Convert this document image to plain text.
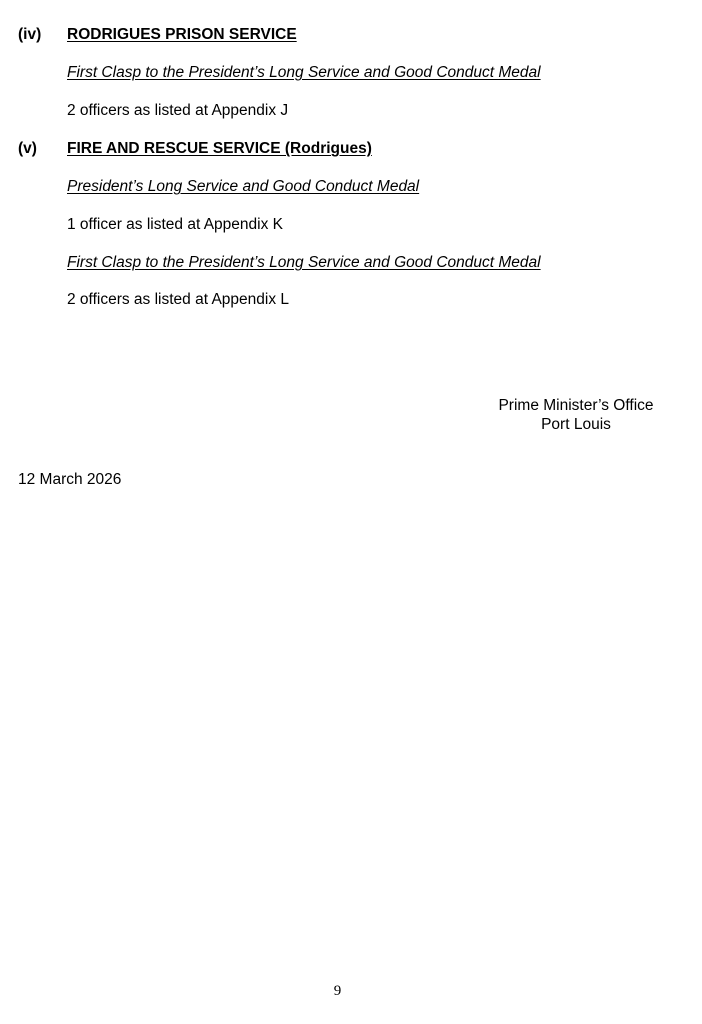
(iv) RODRIGUES PRISON SERVICE
First Clasp to the President’s Long Service and Good Conduct Medal
2 officers as listed at Appendix J
(v) FIRE AND RESCUE SERVICE (Rodrigues)
President’s Long Service and Good Conduct Medal
1 officer as listed at Appendix K
First Clasp to the President’s Long Service and Good Conduct Medal
2 officers as listed at Appendix L
Prime Minister’s Office
Port Louis
12 March 2026
9
